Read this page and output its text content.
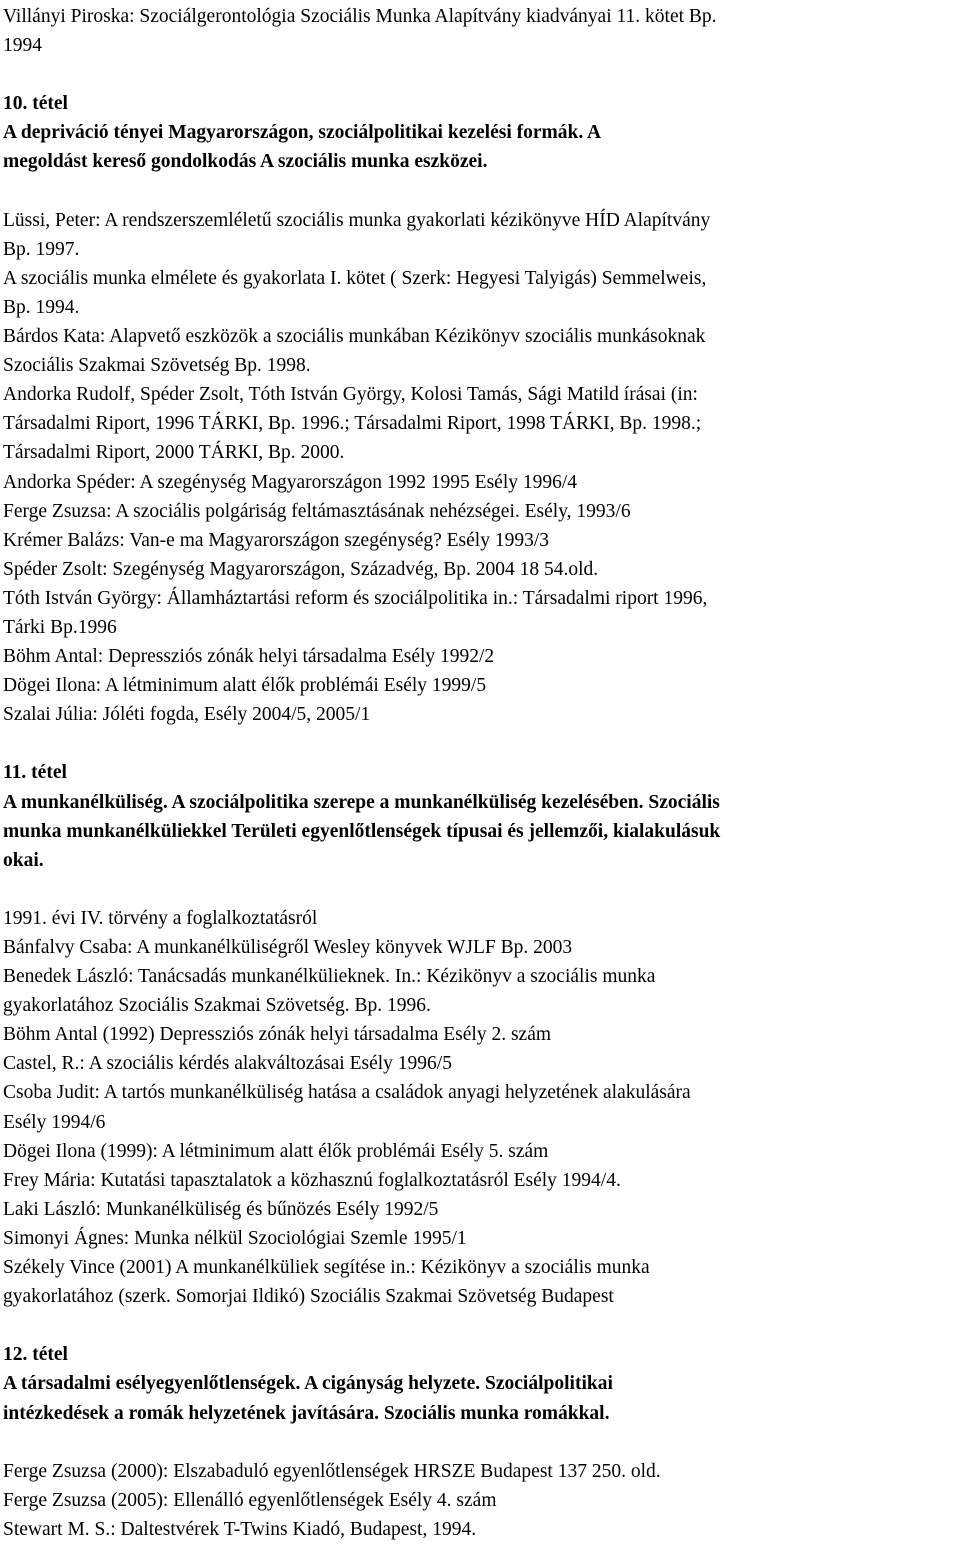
Villányi Piroska: Szociálgerontológia Szociális Munka Alapítvány kiadványai 11. kötet Bp.
1994
10. tétel
A depriváció tényei Magyarországon, szociálpolitikai kezelési formák. A
megoldást kereső gondolkodás A szociális munka eszközei.
Lüssi, Peter: A rendszerszemléletű szociális munka gyakorlati kézikönyve HÍD Alapítvány
Bp. 1997.
A szociális munka elmélete és gyakorlata I. kötet ( Szerk: Hegyesi Talyigás) Semmelweis,
Bp. 1994.
Bárdos Kata: Alapvető eszközök a szociális munkában Kézikönyv szociális munkásoknak
Szociális Szakmai Szövetség Bp. 1998.
Andorka Rudolf, Spéder Zsolt, Tóth István György, Kolosi Tamás, Sági Matild írásai (in:
Társadalmi Riport, 1996 TÁRKI, Bp. 1996.; Társadalmi Riport, 1998 TÁRKI, Bp. 1998.;
Társadalmi Riport, 2000 TÁRKI, Bp. 2000.
Andorka Spéder: A szegénység Magyarországon 1992 1995 Esély 1996/4
Ferge Zsuzsa: A szociális polgáriság feltámasztásának nehézségei. Esély, 1993/6
Krémer Balázs: Van-e ma Magyarországon szegénység? Esély 1993/3
Spéder Zsolt: Szegénység Magyarországon, Századvég, Bp. 2004 18 54.old.
Tóth István György: Államháztartási reform és szociálpolitika in.: Társadalmi riport 1996,
Tárki Bp.1996
Böhm Antal: Depressziós zónák helyi társadalma Esély 1992/2
Dögei Ilona: A létminimum alatt élők problémái Esély 1999/5
Szalai Júlia: Jóléti fogda, Esély 2004/5, 2005/1
11. tétel
A munkanélküliség. A szociálpolitika szerepe a munkanélküliség kezelésében. Szociális
munka munkanélküliekkel Területi egyenlőtlenségek típusai és jellemzői, kialakulásuk
okai.
1991. évi IV. törvény a foglalkoztatásról
Bánfalvy Csaba: A munkanélküliségről Wesley könyvek WJLF Bp. 2003
Benedek László: Tanácsadás munkanélkülieknek. In.: Kézikönyv a szociális munka
gyakorlatához Szociális Szakmai Szövetség. Bp. 1996.
Böhm Antal (1992) Depressziós zónák helyi társadalma Esély 2. szám
Castel, R.: A szociális kérdés alakváltozásai Esély 1996/5
Csoba Judit: A tartós munkanélküliség hatása a családok anyagi helyzetének alakulására
Esély 1994/6
Dögei Ilona (1999): A létminimum alatt élők problémái Esély 5. szám
Frey Mária: Kutatási tapasztalatok a közhasznú foglalkoztatásról Esély 1994/4.
Laki László: Munkanélküliség és bűnözés Esély 1992/5
Simonyi Ágnes: Munka nélkül Szociológiai Szemle 1995/1
Székely Vince (2001) A munkanélküliek segítése in.: Kézikönyv a szociális munka
gyakorlatához (szerk. Somorjai Ildikó) Szociális Szakmai Szövetség Budapest
12. tétel
A társadalmi esélyegyenlőtlenségek. A cigányság helyzete. Szociálpolitikai
intézkedések a romák helyzetének javítására. Szociális munka romákkal.
Ferge Zsuzsa (2000): Elszabaduló egyenlőtlenségek HRSZE Budapest 137 250. old.
Ferge Zsuzsa (2005): Ellenálló egyenlőtlenségek Esély 4. szám
Stewart M. S.: Daltestvérek T-Twins Kiadó, Budapest, 1994.
